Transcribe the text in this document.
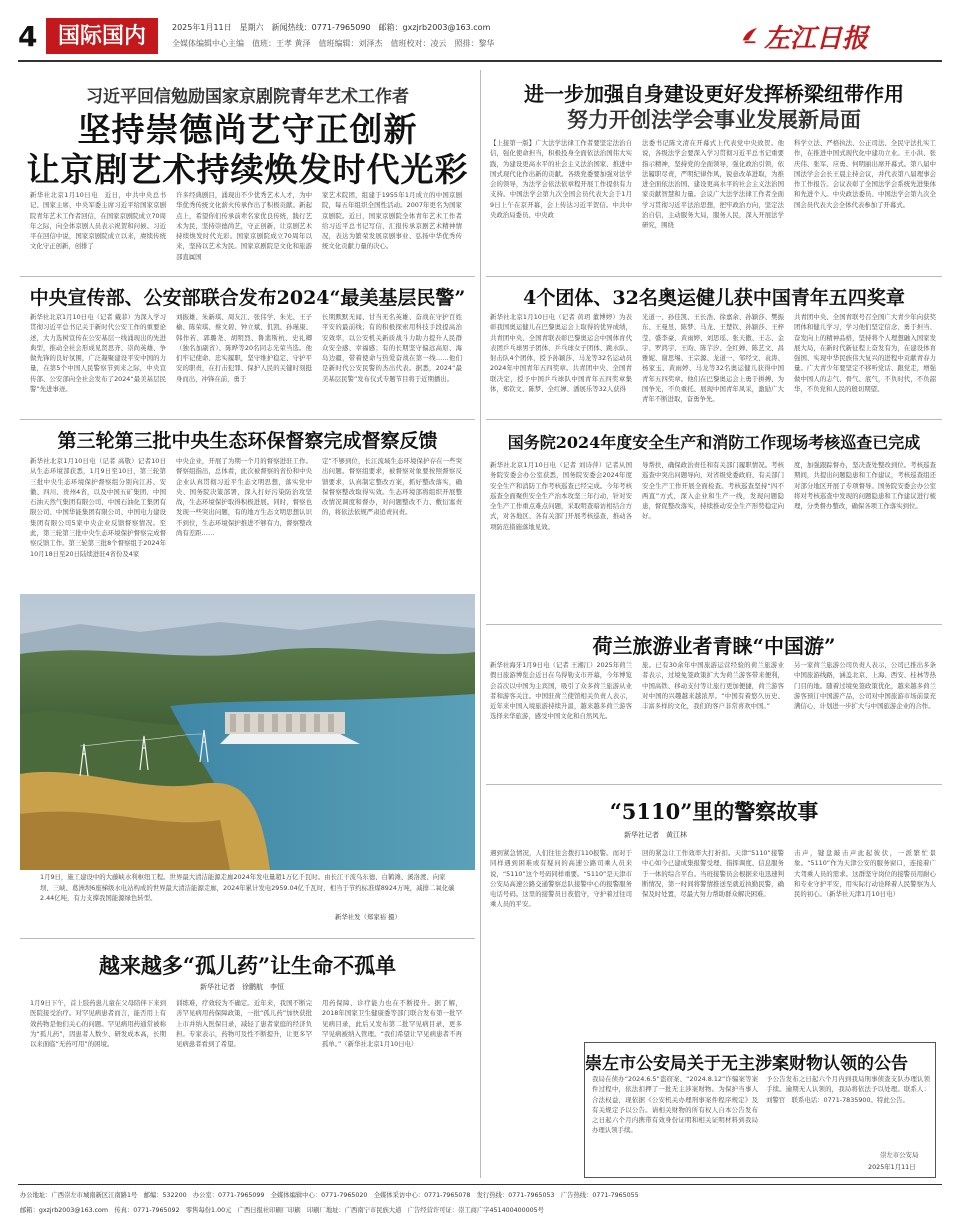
4 国际国内	2025年1月11日　星期六　新闻热线：0771-7965090　邮箱：gxzjrb2003@163.com
全媒体编辑中心主编　值班：王孝 黄泽　值班编辑：刘泽杰　值班校对：凌云　照排：黎华	左江日报
习近平回信勉励国家京剧院青年艺术工作者
坚持崇德尚艺守正创新
让京剧艺术持续焕发时代光彩
新华社北京1月10日电　近日，中共中央总书记、国家主席、中央军委主席习近平给国家京剧院青年艺术工作者回信，在国家京剧院成立70周年之际，向全体京剧人员表示祝贺和问候。习近平在回信中说，国家京剧院成立以来，赓续传统文化守正创新，创排了
许多经典剧目，涌现出不少优秀艺术人才，为中华优秀传统文化薪火传承作出了积极贡献。新起点上，希望你们传承前辈名家优良传统，践行艺术为民，坚持崇德尚艺，守正创新，让京剧艺术持续焕发时代光彩。国家京剧院成立70周年以来，坚持以艺术为民。国家京剧院是文化和旅游部直属国
家艺术院团，组建于1955年1月成立的中国京剧院，每五年组织全国性活动。2007年更名为国家京剧院。近日，国家京剧院全体青年艺术工作者给习近平总书记写信，汇报传承京剧艺术精神情况，表达为繁荣发展京剧事业、弘扬中华优秀传统文化贡献力量的决心。
进一步加强自身建设更好发挥桥梁纽带作用
努力开创法学会事业发展新局面
【上接第一版】广大法学法律工作者要坚定法治自信，强化使命担当，积极投身全面依法治国伟大实践，为建设更高水平的社会主义法治国家、推进中国式现代化作出新的贡献。各级党委要加强对法学会的领导，为法学会依法依章程开展工作提供有力支持。中国法学会第九次全国会员代表大会于1月9日上午在京开幕，会上传达习近平贺信。中共中央政治局委员、中央政
法委书记陈文清在开幕式上代表党中央致贺。他说，各级法学会要深入学习贯彻习近平总书记重要指示精神，坚持党的全面领导，强化政治引领，依法履职尽责，严明纪律作风，锐意改革进取，为推进全面依法治国、建设更高水平的社会主义法治国家贡献智慧和力量。会议广大法学法律工作者全面学习贯彻习近平法治思想，把牢政治方向，坚定法治自信，主动服务大局，服务人民，深入开展法学研究，围绕
科学立法、严格执法、公正司法、全民守法扎实工作，在推进中国式现代化中建功立业。王小洪、张庆伟、张军、应勇、何明丽出席开幕式。第八届中国法学会会长王晨主持会议，并代表第八届理事会作工作报告。会议表彰了全国法学会系统先进集体和先进个人。中央政法委员、中国法学会第九次全国会员代表大会全体代表参加了开幕式。
中央宣传部、公安部联合发布2024“最美基层民警”
新华社北京1月10日电（记者 戴菲）为深入学习贯彻习近平总书记关于新时代公安工作的重要论述，大力选树宣传在公安基层一线涌现出的先进典型，推动全社会形成见贤思齐、崇尚英雄、争做先锋的良好氛围，广泛凝聚建设平安中国的力量，在第5个中国人民警察节到来之际，中央宣传部、公安部向全社会发布了2024“最美基层民警”先进事迹。
刘振雄、朱新琪、周友江、张伟学、朱光、王子榆、陈荣琪、蔡文碧、钟立斌、仉凯、孙瑾康、韩作若、郭璐尧、胡明烈、鲁翡斯杭、史礼卿（独名加副省）、陈晔等20名同志光荣当选。他们牢记使命、忠实履职，坚守维护稳定、守护平安的职责，在打击犯罪、保护人民的关键时刻挺身而出，冲锋在前，勇于
长期默默无闻、甘当无名英雄、奋战在守护百姓平安的最前线；有的积极探索用科技手段提高治安效率，以公安机关新质战斗力助力提升人民群众安全感、幸福感；有的长期坚守偏远高原、海岛边疆，带着使命与热爱奋战在第一线……他们是新时代公安民警的杰出代表。据悉，2024“最美基层民警”发布仪式专题节目将于近期播出。
4个团体、32名奥运健儿获中国青年五四奖章
新华社北京1月10日电（记者 黄玥 董博婷）为表彰我国奥运健儿在巴黎奥运会上取得的优异成绩，共青团中央、全国青联表彰巴黎奥运会中国体育代表团乒乓球男子团体、乒乓球女子团体、跳水队、射击队4个团体，授予孙颖莎、马龙等32名运动员2024年中国青年五四奖章。共青团中央、全国青联决定，授予中国乒乓球队中国青年五四奖章集体，郑钦文、陈梦、全红婵、潘展乐等32人获得
光道一、孙佳凯、王长浩、徐嘉余、孙颖莎、樊振东、王曼昱、陈梦、马龙、王楚钦、孙颖莎、王梓莹、盛李豪、黄雨婷、刘思瑶、张天傲、王志、金宇、罗鸿宇、王昀、陈芋汐、全红婵、陈艺文、昌雅妮、谢思埸、王宗源、龙道一、邹经文、袁涛、杨家玉、黄雨婷、马龙等32名奥运健儿获得中国青年五四奖章。他们在巴黎奥运会上勇于拼搏、为国争光，不负重托、展现中国青年风采，激励广大青年不断进取，奋勇争先。
共青团中央、全国青联号召全国广大青少年向获奖团体和健儿学习，学习他们坚定信念、勇于担当、奋发向上的精神品格，坚持将个人理想融入国家发展大局，在新时代新征程上奋发有为，在建设体育强国、实现中华民族伟大复兴的进程中贡献青春力量。广大青少年要坚定不移听党话、跟党走，增强做中国人的志气、骨气、底气，不负时代，不负韶华，不负党和人民的殷切期望。
第三轮第三批中央生态环保督察完成督察反馈
新华社北京1月10日电（记者 高敬）记者10日从生态环境部获悉，1月9日至10日，第三轮第三批中央生态环境保护督察组分别向江苏、安徽、四川、贵州4省，以及中国五矿集团、中国石油天然气集团有限公司、中国石油化工集团有限公司、中国华能集团有限公司、中国电力建设集团有限公司5家中央企业反馈督察情况。至此，第三轮第三批中央生态环境保护督察完成督察反馈工作。第三轮第三批8个督察组于2024年10月18日至20日陆续进驻4省份及4家
中央企业，开展了为期一个月的督察进驻工作。督察组指出，总体看，此次被督察的省份和中央企业认真贯彻习近平生态文明思想，落实党中央、国务院决策部署，深入打好污染防治攻坚战，生态环境保护取得积极进展。同时，督察也发现一些突出问题，有的地方生态文明思想认识不到位，生态环境保护推进不够有力，督察整改尚有差距……
定”不够到位，长江流域生态环境保护存在一些突出问题。督察组要求，被督察对象要按照督察反馈要求，认真制定整改方案，抓好整改落实，确保督察整改取得实效。生态环境部将组织开展整改情况调度和督办，对问题整改不力、敷衍塞责的，将依法依规严肃追责问责。
国务院2024年度安全生产和消防工作现场考核巡查已完成
新华社北京1月10日电（记者 刘诗萍）记者从国务院安委会办公室获悉，国务院安委会2024年度安全生产和消防工作考核巡查已经完成。今年考核巡查全面聚焦安全生产治本攻坚三年行动，针对安全生产工作重点难点问题，采取明查暗访相结合方式，对各地区、各有关部门开展考核巡查，推动各项防范措施落地见效。
导帮扶，确保政治责任和有关部门履职情况。考核巡查中突出问题导向，对省级党委政府、有关部门安全生产工作开展全面检查。考核巡查坚持“四不两直”方式，深入企业和生产一线，发现问题隐患，督促整改落实，持续推动安全生产形势稳定向好。
度，加强跟踪督办，坚决查处整改到位。考核巡查期间，共提出问题隐患和工作建议，考核巡查组还对部分地区开展了专项督导。国务院安委会办公室将对考核巡查中发现的问题隐患和工作建议进行梳理，分类督办整改，确保各项工作落实到位。
1月9日，施工建设中的大藤峡水利枢纽工程。世界最大清洁能源走廊2024年发电量超1万亿千瓦时。由长江干流乌东德、白鹤滩、溪洛渡、向家坝、三峡、葛洲坝6座梯级水电站构成的世界最大清洁能源走廊，2024年累计发电2959.04亿千瓦时，相当于节约标准煤8924万吨，减排二氧化碳2.44亿吨，有力支撑我国能源绿色转型。
新华社发（郑家裕 摄）
越来越多“孤儿药”让生命不孤单
新华社记者　徐鹏航　李恒
1月9日下午，首上肢药患儿童在父母陪伴下来到医院接受治疗。对罕见病患者而言，能否用上有效药物是他们关心的问题。罕见病用药通常被称为“孤儿药”，因患者人数少、研发成本高，长期以来面临“无药可用”的困境。
训练难，疗效较为不确定。近年来，我国不断完善罕见病用药保障政策，一批“孤儿药”加快获批上市并纳入医保目录，减轻了患者家庭的经济负担。专家表示，药物可及性不断提升，让更多罕见病患者看到了希望。
用药保障、诊疗能力也在不断提升。据了解，2018年国家卫生健康委等部门联合发布第一批罕见病目录，此后又发布第二批罕见病目录，更多罕见病被纳入管理。“我们希望让罕见病患者不再孤单。”（新华社北京1月10日电）
荷兰旅游业者青睐“中国游”
新华社海牙1月9日电（记者 王湘江）2025年荷兰假日旅游博览会近日在乌得勒支市开幕，今年博览会首次以中国为主宾国，吸引了众多荷兰旅游从业者和游客关注。中国驻荷兰使馆相关负责人表示，近年来中国入境旅游持续升温，越来越多荷兰游客选择来华旅游，感受中国文化和自然风光。
旅。已有30余年中国旅游运营经验的荷兰旅游业者表示，过境免签政策扩大为荷兰游客带来便利，中国高铁、移动支付等让旅行更加便捷，荷兰游客对中国的兴趣越来越浓厚。“中国有着悠久历史、丰富多样的文化，我们的客户非常喜欢中国。”
另一家荷兰旅游公司负责人表示，公司已推出多条中国旅游线路，涵盖北京、上海、西安、桂林等热门目的地。随着过境免签政策优化，越来越多荷兰游客预订中国游产品，公司对中国旅游市场前景充满信心，计划进一步扩大与中国旅游企业的合作。
“5110”里的警察故事
新华社记者　黄江林
遇到紧急情况，人们往往会拨打110报警。而对于同样遇到困难或有疑问的高速公路司乘人员来说，“5110”这个号码同样重要。“5110”是天津市公安局高速公路交通警察总队接警中心的报警服务电话号码。这里的接警员日夜值守，守护着过往司乘人员的平安。
回的紧急让工作效率大打折扣。天津“5110”接警中心如今已建成集报警受理、指挥调度、信息服务于一体的综合平台。当班接警员会根据来电迅速判断情况，第一时间将警情推送至就近执勤民警，确保及时处置，尽最大努力帮助群众解决困难。
击声，键盘敲击声此起彼伏，一派繁忙景象。“5110”作为天津公安的服务窗口，连接着广大驾乘人员的需求。这群坚守岗位的接警员用耐心和专业守护平安，用实际行动诠释着人民警察为人民的初心。（新华社天津1月10日电）
崇左市公安局关于无主涉案财物认领的公告
我局在侦办“2024.6.5”盗窃案、“2024.8.12”诈骗案等案件过程中，依法扣押了一批无主涉案财物。为保护当事人合法权益，现依据《公安机关办理刑事案件程序规定》及有关规定予以公告。请相关财物的所有权人自本公告发布之日起六个月内携带有效身份证明和相关证明材料到我局办理认领手续。
予公告发布之日起六个月内到我局刑事侦查支队办理认领手续。逾期无人认领的，我局将依法予以处理。联系人：刘警官　联系电话：0771-7835900。特此公告。
崇左市公安局
2025年1月11日
办公地址：广西崇左市城南新区江南路1号　邮编：532200　办公室：0771-7965099　全媒体编辑中心：0771-7965020　全媒体采访中心：0771-7965078　发行热线：0771-7965053　广告热线：0771-7965055
邮箱：gxzjrb2003@163.com　传真：0771-7965092　零售每份1.00元　广西日报社印刷厂印刷　印刷厂地址：广西南宁市民族大道　广告经营许可证：崇工商广字451400400005号
